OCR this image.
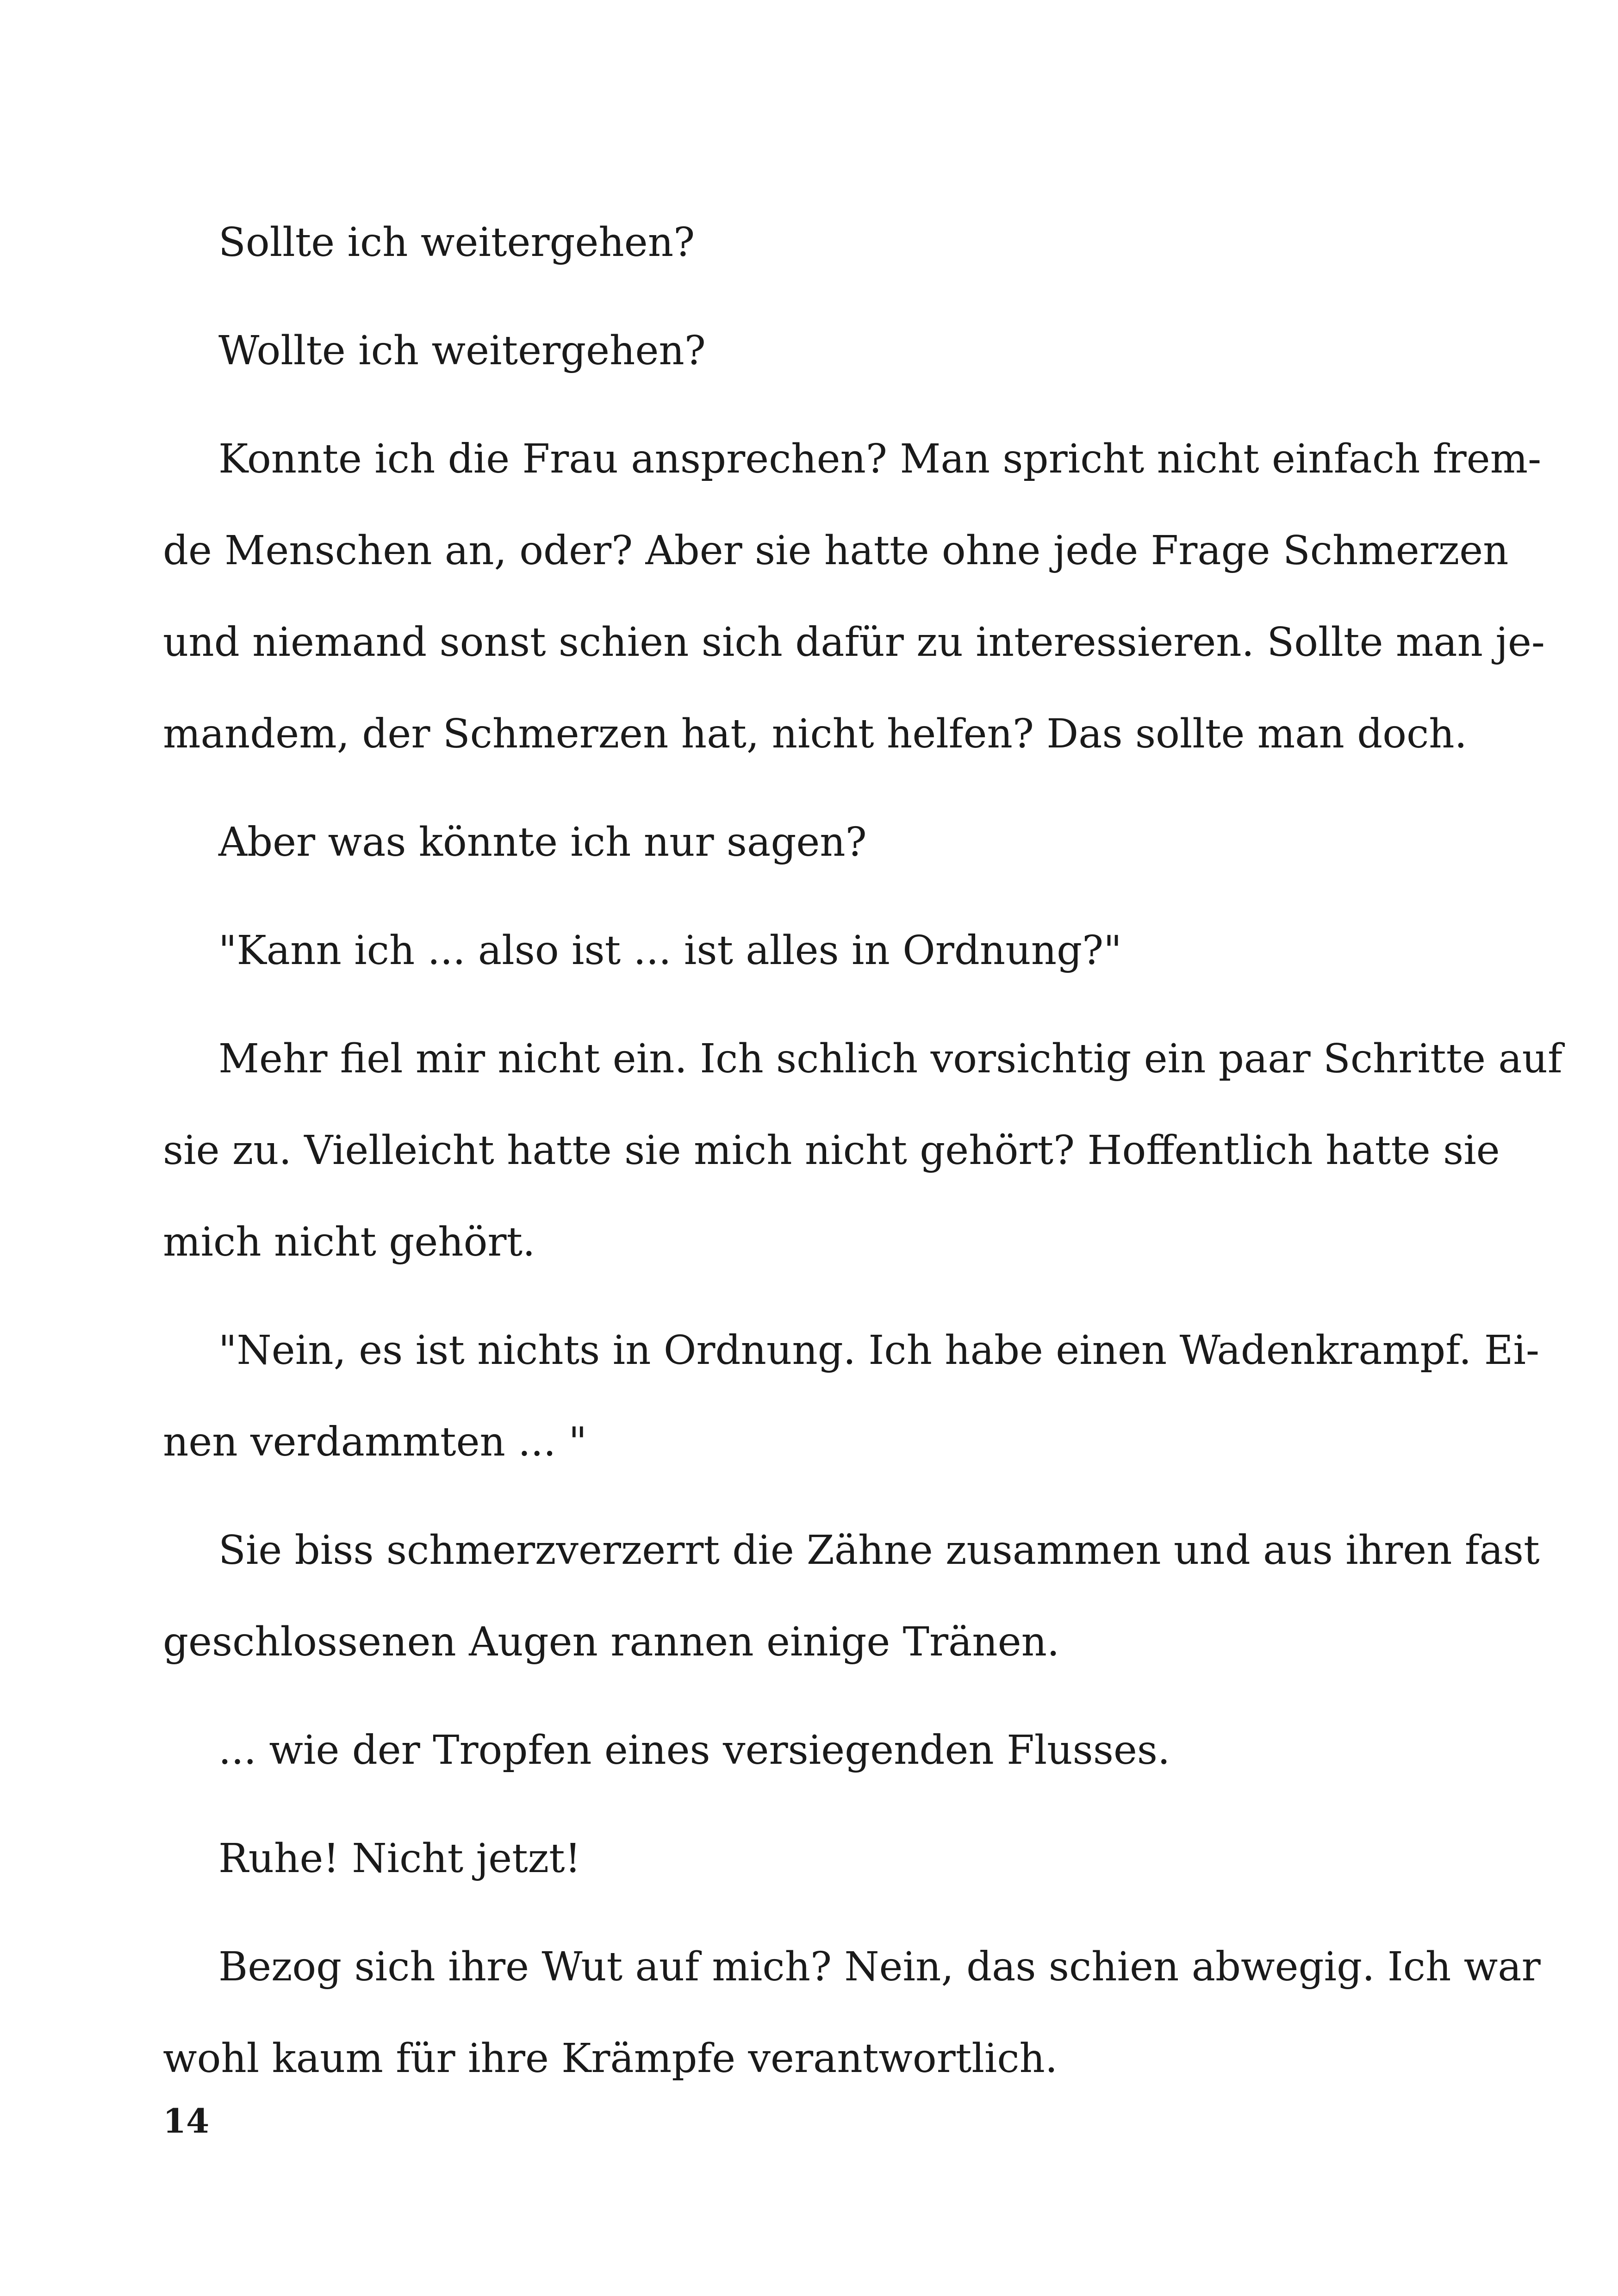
Sollte ich weitergehen?

Wollte ich weitergehen?

Konnte ich die Frau ansprechen? Man spricht nicht einfach frem-
de Menschen an, oder? Aber sie hatte ohne jede Frage Schmerzen
und niemand sonst schien sich dafür zu interessieren. Sollte man je-
mandem, der Schmerzen hat, nicht helfen? Das sollte man doch.

Aber was könnte ich nur sagen?

"Kann ich ... also ist ... ist alles in Ordnung?"

Mehr fiel mir nicht ein. Ich schlich vorsichtig ein paar Schritte auf
sie zu. Vielleicht hatte sie mich nicht gehört? Hoffentlich hatte sie
mich nicht gehört.

"Nein, es ist nichts in Ordnung. Ich habe einen Wadenkrampf. Ei-
nen verdammten ... "

Sie biss schmerzverzerrt die Zähne zusammen und aus ihren fast
geschlossenen Augen rannen einige Tränen.

... wie der Tropfen eines versiegenden Flusses.

Ruhe! Nicht jetzt!

Bezog sich ihre Wut auf mich? Nein, das schien abwegig. Ich war
wohl kaum für ihre Krämpfe verantwortlich.

14
